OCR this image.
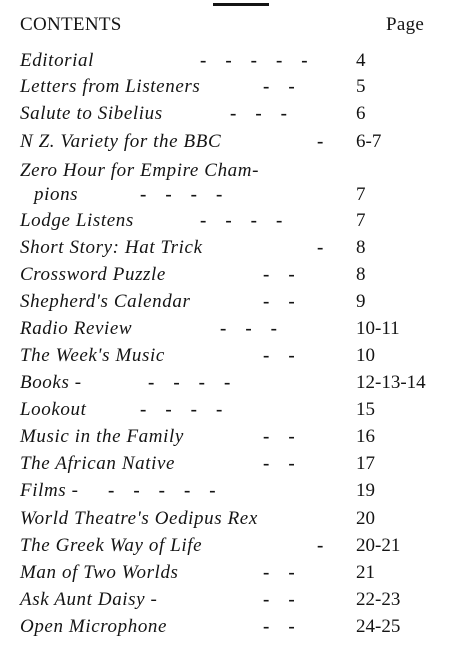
CONTENTS	Page
Editorial	-    -    -    -    -	4
Letters from Listeners	-    -	5
Salute to Sibelius	-    -    -	6
N Z. Variety for the BBC	- 6-7
Zero Hour for Empire Cham-
pions	-    -    -    -	7
Lodge Listens	-    -    -    -	7
Short Story: Hat Trick	- 8
Crossword Puzzle	-    -	8
Shepherd's Calendar	-    -	9
Radio Review	-    -    -	10-11
The Week's Music	-    -	10
Books -	-    -    -    -	12-13-14
Lookout	-    -    -    -	15
Music in the Family	-    -	16
The African Native	-    -	17
Films - -    -    -    -    -	19
World Theatre's Oedipus Rex	20
The Greek Way of Life	- 20-21
Man of Two Worlds	-    -	21
Ask Aunt Daisy -	-    -	22-23
Open Microphone	-    -	24-25
